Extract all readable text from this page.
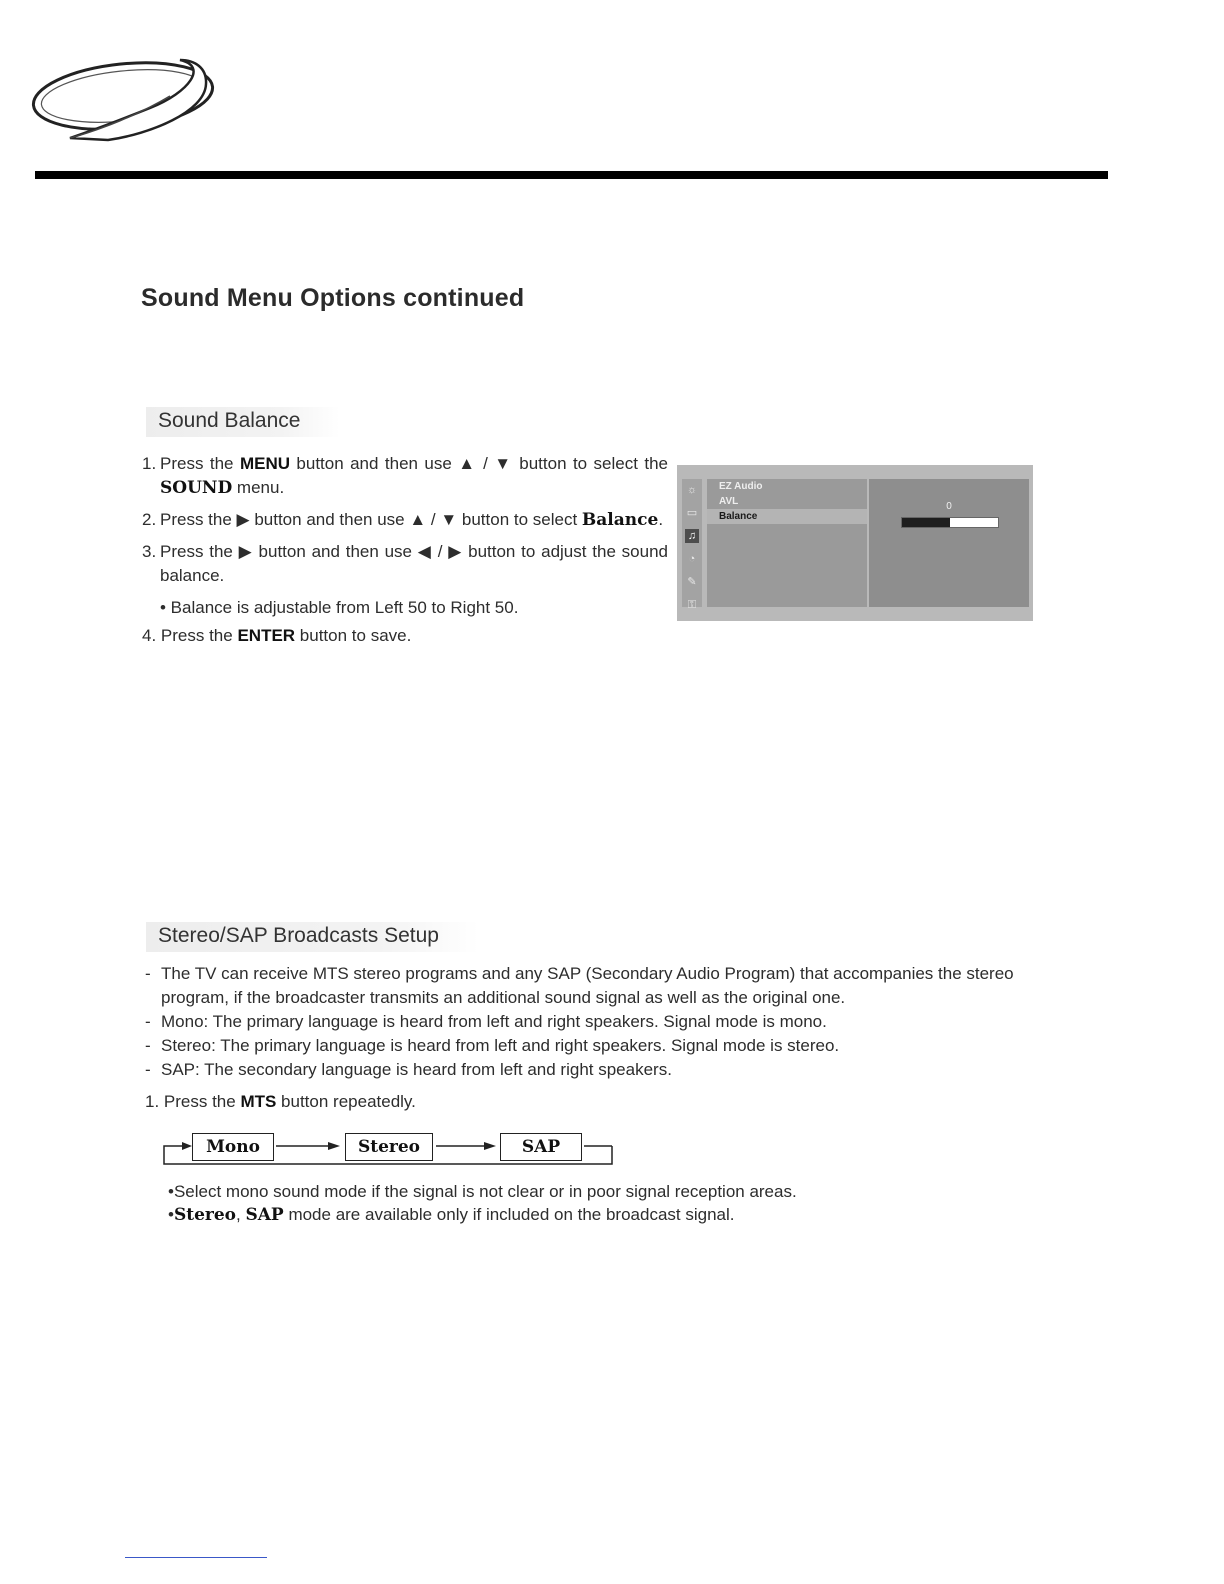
Sound Menu Options continued
Sound Balance
1. Press the MENU button and then use ▲ / ▼ button to select the SOUND menu.
2. Press the ▶ button and then use ▲ / ▼ button to select Balance.
3. Press the ▶ button and then use ◀ / ▶ button to adjust the sound balance.
• Balance is adjustable from Left 50 to Right 50.
4. Press the ENTER button to save.
☼
▭
♫
◔
✎
⚿
EZ Audio
AVL
Balance
0
Stereo/SAP Broadcasts Setup
- The TV can receive MTS stereo programs and any SAP (Secondary Audio Program) that accompanies the stereo program, if the broadcaster transmits an additional sound signal as well as the original one.
- Mono: The primary language is heard from left and right speakers. Signal mode is mono.
- Stereo: The primary language is heard from left and right speakers. Signal mode is stereo.
- SAP: The secondary language is heard from left and right speakers.
1. Press the MTS button repeatedly.
Mono	Stereo	SAP
•Select mono sound mode if the signal is not clear or in poor signal reception areas.
•Stereo, SAP mode are available only if included on the broadcast signal.
